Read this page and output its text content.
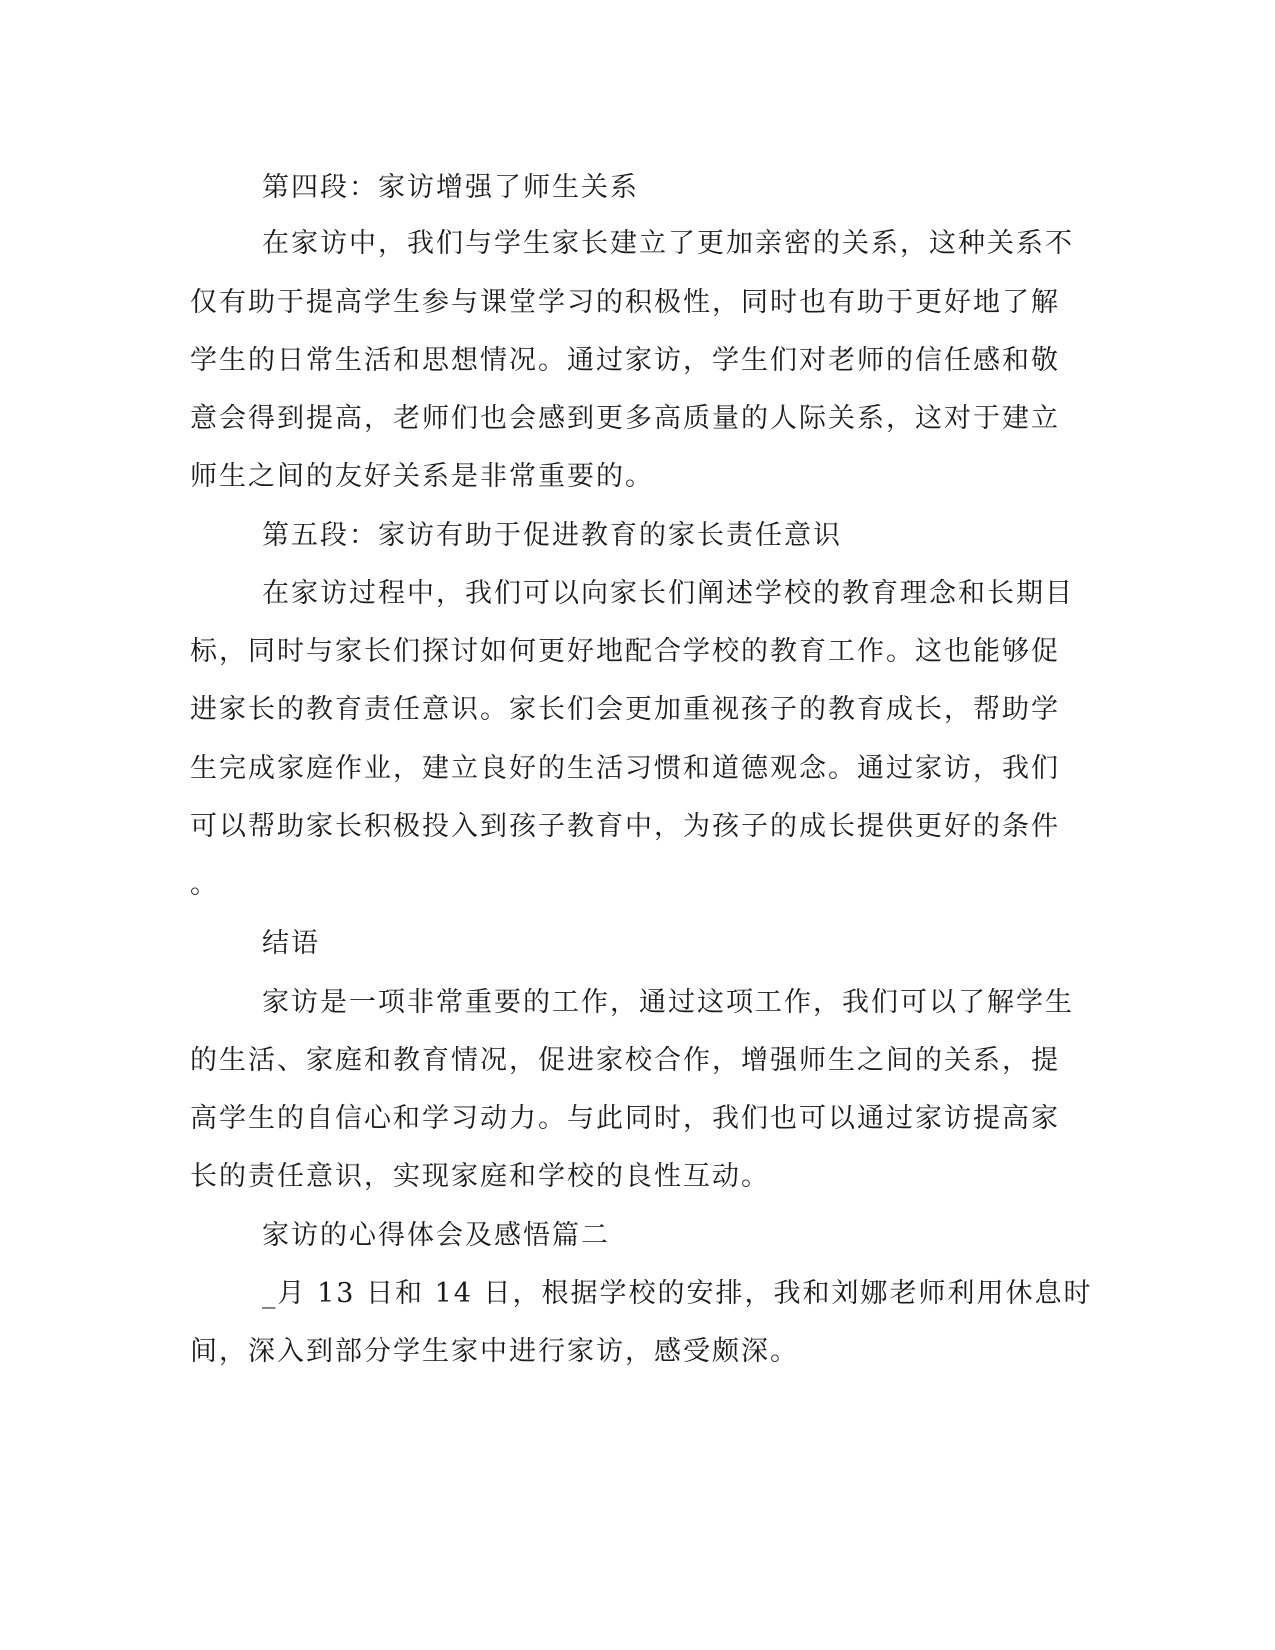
第四段：家访增强了师生关系
在家访中，我们与学生家长建立了更加亲密的关系，这种关系不
仅有助于提高学生参与课堂学习的积极性，同时也有助于更好地了解
学生的日常生活和思想情况。通过家访，学生们对老师的信任感和敬
意会得到提高，老师们也会感到更多高质量的人际关系，这对于建立
师生之间的友好关系是非常重要的。
第五段：家访有助于促进教育的家长责任意识
在家访过程中，我们可以向家长们阐述学校的教育理念和长期目
标，同时与家长们探讨如何更好地配合学校的教育工作。这也能够促
进家长的教育责任意识。家长们会更加重视孩子的教育成长，帮助学
生完成家庭作业，建立良好的生活习惯和道德观念。通过家访，我们
可以帮助家长积极投入到孩子教育中，为孩子的成长提供更好的条件
。
结语
家访是一项非常重要的工作，通过这项工作，我们可以了解学生
的生活、家庭和教育情况，促进家校合作，增强师生之间的关系，提
高学生的自信心和学习动力。与此同时，我们也可以通过家访提高家
长的责任意识，实现家庭和学校的良性互动。
家访的心得体会及感悟篇二
_月 13 日和 14 日，根据学校的安排，我和刘娜老师利用休息时
间，深入到部分学生家中进行家访，感受颇深。
